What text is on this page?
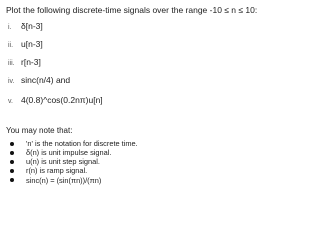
Plot the following discrete-time signals over the range -10 ≤ n ≤ 10:
i. δ[n-3]
ii. u[n-3]
iii. r[n-3]
iv. sinc(n/4) and
v. 4(0.8)^cos(0.2nπ)u[n]
You may note that:
'n' is the notation for discrete time.
δ(n) is unit impulse signal.
u(n) is unit step signal.
r(n) is ramp signal.
sinc(n) = (sin(πn))/(πn)
